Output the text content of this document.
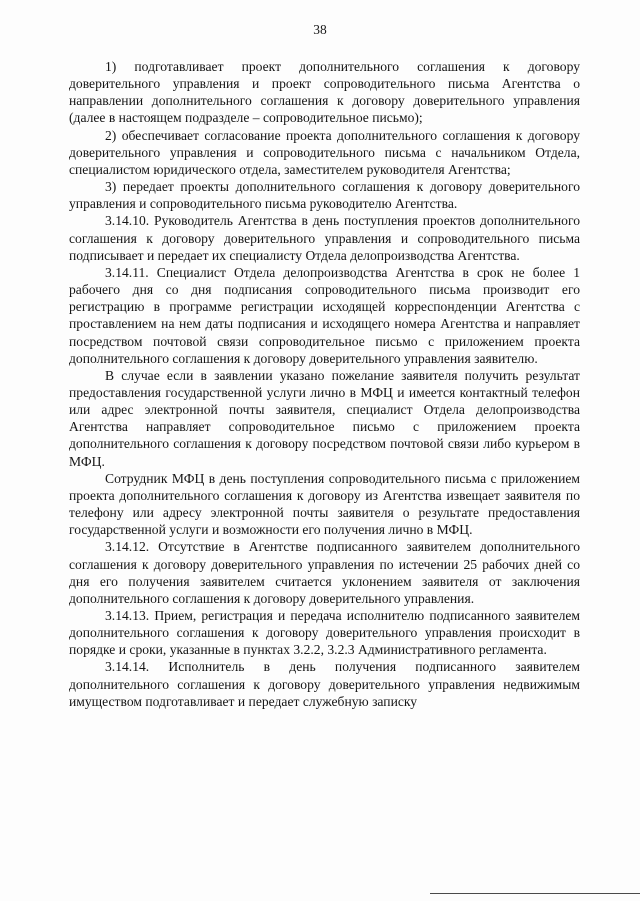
38

1) подготавливает проект дополнительного соглашения к договору доверительного управления и проект сопроводительного письма Агентства о направлении дополнительного соглашения к договору доверительного управления (далее в настоящем подразделе – сопроводительное письмо);

2) обеспечивает согласование проекта дополнительного соглашения к договору доверительного управления и сопроводительного письма с начальником Отдела, специалистом юридического отдела, заместителем руководителя Агентства;

3) передает проекты дополнительного соглашения к договору доверительного управления и сопроводительного письма руководителю Агентства.

3.14.10. Руководитель Агентства в день поступления проектов дополнительного соглашения к договору доверительного управления и сопроводительного письма подписывает и передает их специалисту Отдела делопроизводства Агентства.

3.14.11. Специалист Отдела делопроизводства Агентства в срок не более 1 рабочего дня со дня подписания сопроводительного письма производит его регистрацию в программе регистрации исходящей корреспонденции Агентства с проставлением на нем даты подписания и исходящего номера Агентства и направляет посредством почтовой связи сопроводительное письмо с приложением проекта дополнительного соглашения к договору доверительного управления заявителю.

В случае если в заявлении указано пожелание заявителя получить результат предоставления государственной услуги лично в МФЦ и имеется контактный телефон или адрес электронной почты заявителя, специалист Отдела делопроизводства Агентства направляет сопроводительное письмо с приложением проекта дополнительного соглашения к договору посредством почтовой связи либо курьером в МФЦ.

Сотрудник МФЦ в день поступления сопроводительного письма с приложением проекта дополнительного соглашения к договору из Агентства извещает заявителя по телефону или адресу электронной почты заявителя о результате предоставления государственной услуги и возможности его получения лично в МФЦ.

3.14.12. Отсутствие в Агентстве подписанного заявителем дополнительного соглашения к договору доверительного управления по истечении 25 рабочих дней со дня его получения заявителем считается уклонением заявителя от заключения дополнительного соглашения к договору доверительного управления.

3.14.13. Прием, регистрация и передача исполнителю подписанного заявителем дополнительного соглашения к договору доверительного управления происходит в порядке и сроки, указанные в пунктах 3.2.2, 3.2.3 Административного регламента.

3.14.14. Исполнитель в день получения подписанного заявителем дополнительного соглашения к договору доверительного управления недвижимым имуществом подготавливает и передает служебную записку
